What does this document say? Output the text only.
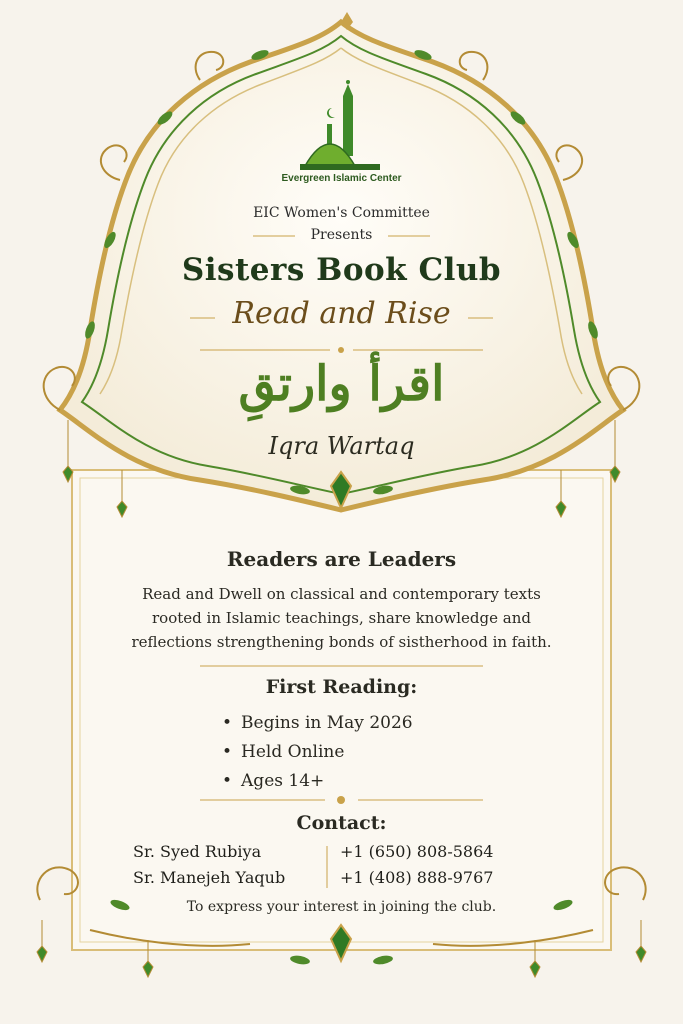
Evergreen Islamic Center
EIC Women's Committee
Presents
Sisters Book Club
Read and Rise
اقرأ وارتقِ
Iqra Wartaq
Readers are Leaders
Read and Dwell on classical and contemporary texts
rooted in Islamic teachings, share knowledge and
reflections strengthening bonds of sistherhood in faith.
First Reading:
• Begins in May 2026
• Held Online
• Ages 14+
Contact:
Sr. Syed Rubiya	+1 (650) 808-5864
Sr. Manejeh Yaqub	+1 (408) 888-9767
To express your interest in joining the club.
